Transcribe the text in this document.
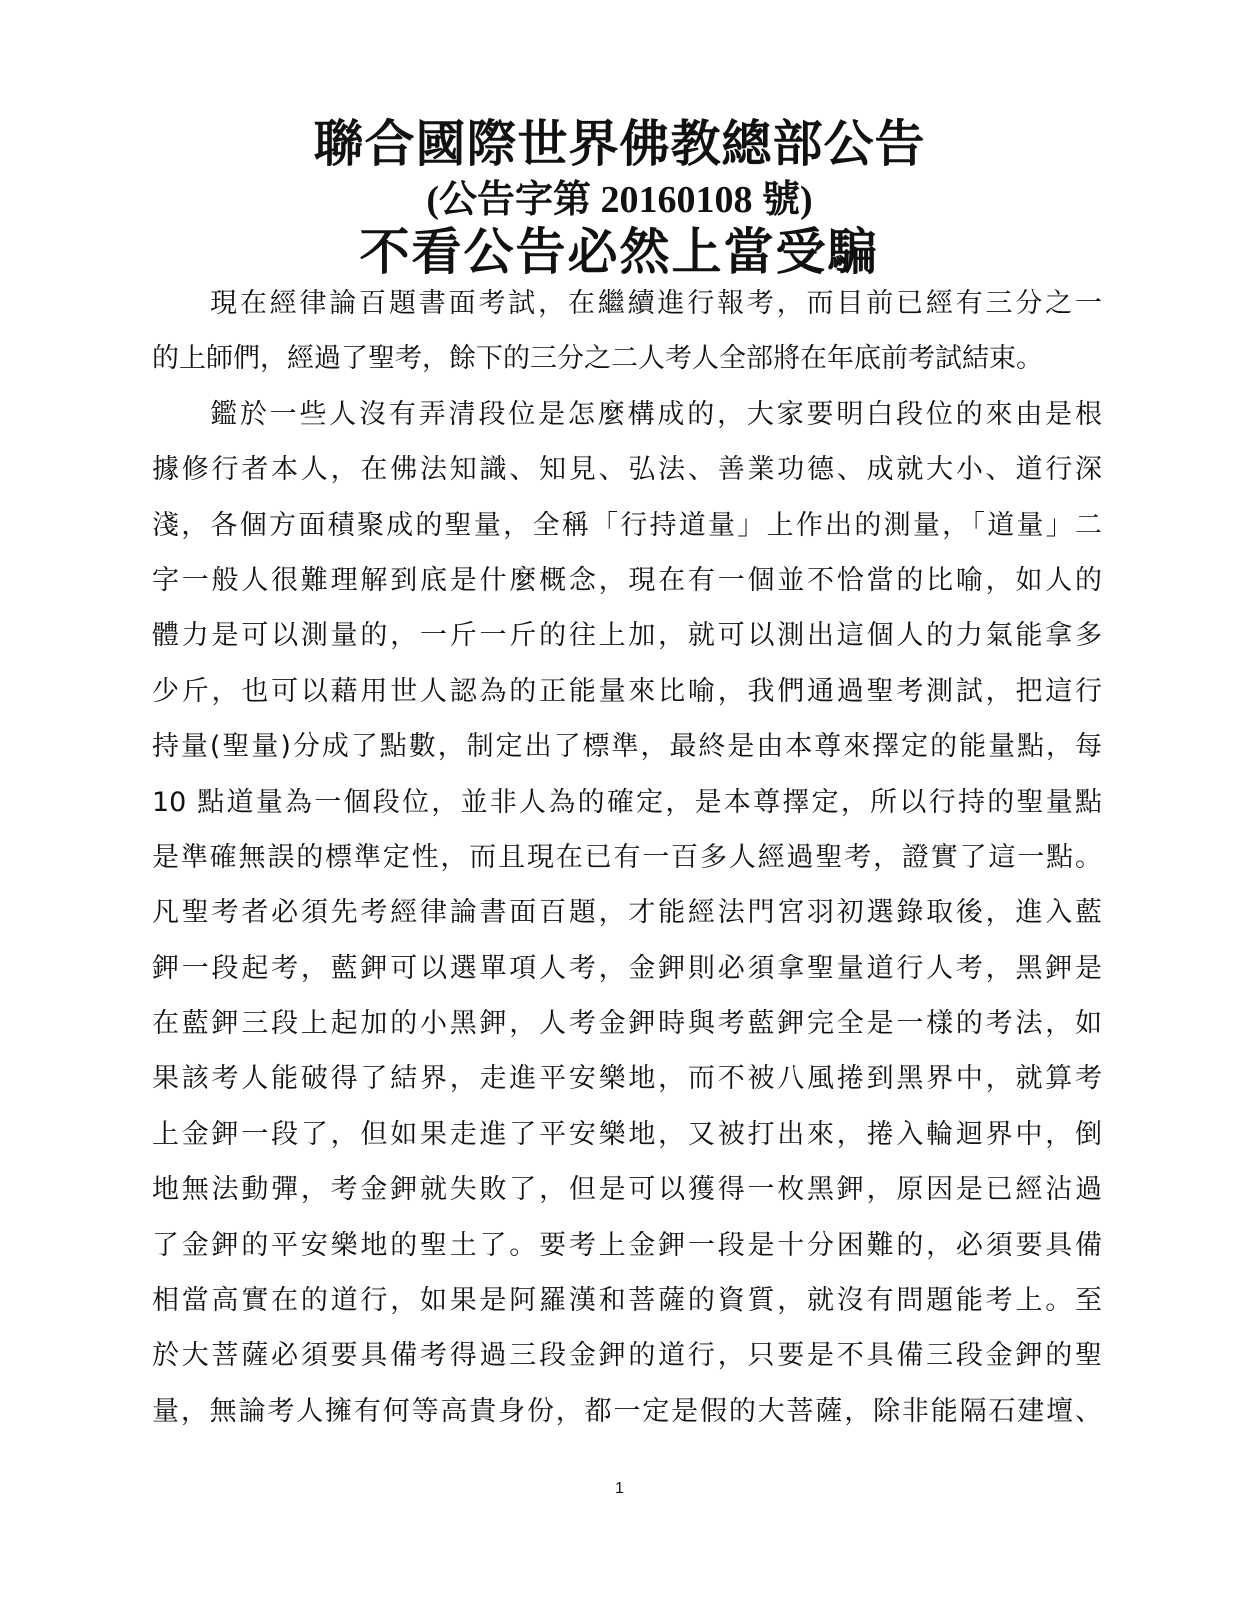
聯合國際世界佛教總部公告
(公告字第 20160108 號)
不看公告必然上當受騙
現在經律論百題書面考試，在繼續進行報考，而目前已經有三分之一
的上師們，經過了聖考，餘下的三分之二人考人全部將在年底前考試結束。
鑑於一些人沒有弄清段位是怎麼構成的，大家要明白段位的來由是根
據修行者本人，在佛法知識、知見、弘法、善業功德、成就大小、道行深
淺，各個方面積聚成的聖量，全稱「行持道量」上作出的測量，「道量」二
字一般人很難理解到底是什麼概念，現在有一個並不恰當的比喻，如人的
體力是可以測量的，一斤一斤的往上加，就可以測出這個人的力氣能拿多
少斤，也可以藉用世人認為的正能量來比喻，我們通過聖考測試，把這行
持量(聖量)分成了點數，制定出了標準，最終是由本尊來擇定的能量點，每
10 點道量為一個段位，並非人為的確定，是本尊擇定，所以行持的聖量點
是準確無誤的標準定性，而且現在已有一百多人經過聖考，證實了這一點。
凡聖考者必須先考經律論書面百題，才能經法門宮羽初選錄取後，進入藍
鉀一段起考，藍鉀可以選單項人考，金鉀則必須拿聖量道行人考，黑鉀是
在藍鉀三段上起加的小黑鉀，人考金鉀時與考藍鉀完全是一樣的考法，如
果該考人能破得了結界，走進平安樂地，而不被八風捲到黑界中，就算考
上金鉀一段了，但如果走進了平安樂地，又被打出來，捲入輪迴界中，倒
地無法動彈，考金鉀就失敗了，但是可以獲得一枚黑鉀，原因是已經沾過
了金鉀的平安樂地的聖土了。要考上金鉀一段是十分困難的，必須要具備
相當高實在的道行，如果是阿羅漢和菩薩的資質，就沒有問題能考上。至
於大菩薩必須要具備考得過三段金鉀的道行，只要是不具備三段金鉀的聖
量，無論考人擁有何等高貴身份，都一定是假的大菩薩，除非能隔石建壇、
1
